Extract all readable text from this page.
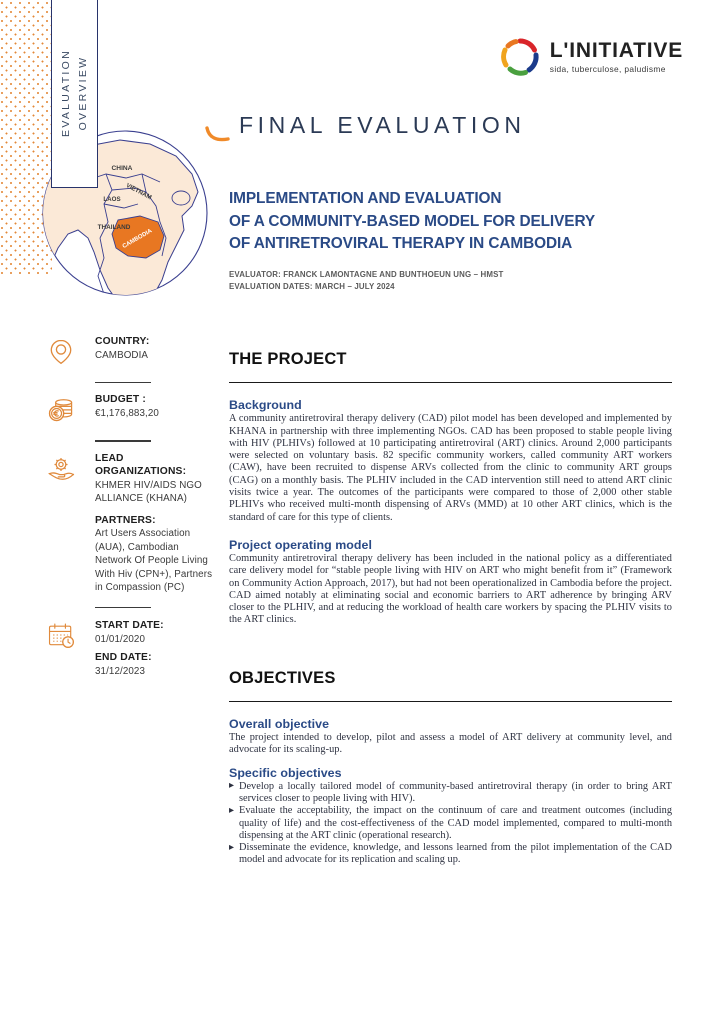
CHINA
VIETNAM
LAOS
THAILAND
CAMBODIA
EVALUATION OVERVIEW
L'INITIATIVE
sida, tuberculose, paludisme
FINAL EVALUATION
IMPLEMENTATION AND EVALUATION
OF A COMMUNITY-BASED MODEL FOR DELIVERY
OF ANTIRETROVIRAL THERAPY IN CAMBODIA
EVALUATOR: FRANCK LAMONTAGNE AND BUNTHOEUN UNG – HMST
EVALUATION DATES: MARCH – JULY 2024
COUNTRY:
CAMBODIA
BUDGET :
€1,176,883,20
LEAD
ORGANIZATIONS:
KHMER HIV/AIDS NGO ALLIANCE (KHANA)
PARTNERS:
Art Users Association (AUA), Cambodian Network Of People Living With Hiv (CPN+), Partners in Compassion (PC)
START DATE:
01/01/2020
END DATE:
31/12/2023
THE PROJECT
Background

A community antiretroviral therapy delivery (CAD) pilot model has been developed and implemented by KHANA in partnership with three implementing NGOs. CAD has been proposed to stable people living with HIV (PLHIVs) followed at 10 participating antiretroviral (ART) clinics. Around 2,000 participants were selected on voluntary basis. 82 specific community workers, called community ART workers (CAW), have been recruited to dispense ARVs collected from the clinic to community ART groups (CAG) on a monthly basis. The PLHIV included in the CAD intervention still need to attend ART clinic visits twice a year. The outcomes of the participants were compared to those of 2,000 other stable PLHIVs who received multi-month dispensing of ARVs (MMD) at 10 other ART clinics, which is the standard of care for this type of clients.

Project operating model

Community antiretroviral therapy delivery has been included in the national policy as a differentiated care delivery model for “stable people living with HIV on ART who might benefit from it” (Framework on Community Action Approach, 2017), but had not been operationalized in Cambodia before the project. CAD aimed notably at eliminating social and economic barriers to ART adherence by bringing ARV closer to the PLHIV, and at reducing the workload of health care workers by spacing the PLHIV visits to the ART clinics.

OBJECTIVES
Overall objective

The project intended to develop, pilot and assess a model of ART delivery at community level, and advocate for its scaling-up.

Specific objectives
▸ Develop a locally tailored model of community-based antiretroviral therapy (in order to bring ART services closer to people living with HIV).
▸ Evaluate the acceptability, the impact on the continuum of care and treatment outcomes (including quality of life) and the cost-effectiveness of the CAD model implemented, compared to multi-month dispensing at the ART clinic (operational research).
▸ Disseminate the evidence, knowledge, and lessons learned from the pilot implementation of the CAD model and advocate for its replication and scaling up.
